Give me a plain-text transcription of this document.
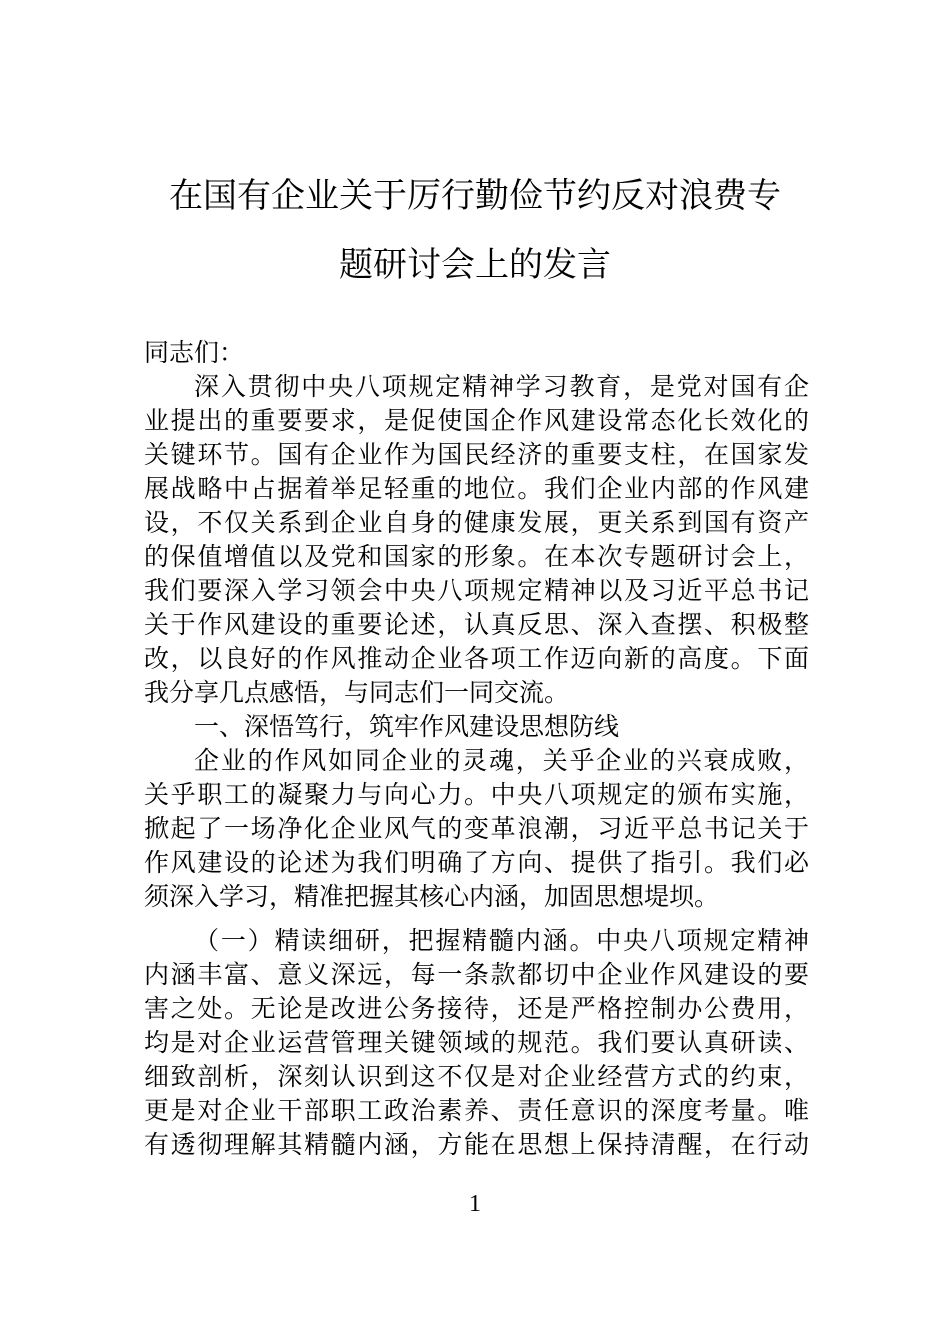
在国有企业关于厉行勤俭节约反对浪费专
题研讨会上的发言
同志们：
深入贯彻中央八项规定精神学习教育，是党对国有企
业提出的重要要求，是促使国企作风建设常态化长效化的
关键环节。国有企业作为国民经济的重要支柱，在国家发
展战略中占据着举足轻重的地位。我们企业内部的作风建
设，不仅关系到企业自身的健康发展，更关系到国有资产
的保值增值以及党和国家的形象。在本次专题研讨会上，
我们要深入学习领会中央八项规定精神以及习近平总书记
关于作风建设的重要论述，认真反思、深入查摆、积极整
改，以良好的作风推动企业各项工作迈向新的高度。下面
我分享几点感悟，与同志们一同交流。
一、深悟笃行，筑牢作风建设思想防线
企业的作风如同企业的灵魂，关乎企业的兴衰成败，
关乎职工的凝聚力与向心力。中央八项规定的颁布实施，
掀起了一场净化企业风气的变革浪潮，习近平总书记关于
作风建设的论述为我们明确了方向、提供了指引。我们必
须深入学习，精准把握其核心内涵，加固思想堤坝。
（一）精读细研，把握精髓内涵。中央八项规定精神
内涵丰富、意义深远，每一条款都切中企业作风建设的要
害之处。无论是改进公务接待，还是严格控制办公费用，
均是对企业运营管理关键领域的规范。我们要认真研读、
细致剖析，深刻认识到这不仅是对企业经营方式的约束，
更是对企业干部职工政治素养、责任意识的深度考量。唯
有透彻理解其精髓内涵，方能在思想上保持清醒，在行动
1
